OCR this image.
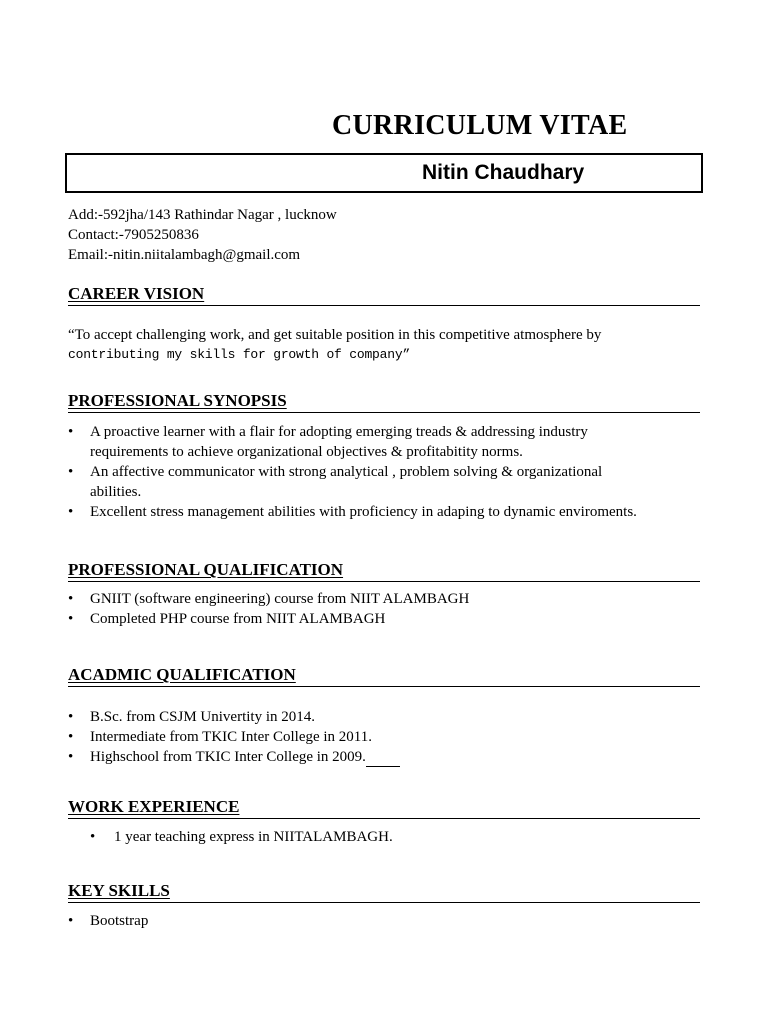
CURRICULUM VITAE
Nitin Chaudhary
Add:-592jha/143 Rathindar Nagar , lucknow
Contact:-7905250836
Email:-nitin.niitalambagh@gmail.com
CAREER VISION
“To accept challenging work, and get suitable position in this competitive atmosphere by
contributing my skills for growth of company”
PROFESSIONAL SYNOPSIS
• A proactive learner with a flair for adopting emerging treads & addressing industry requirements to achieve organizational objectives & profitabitity norms.
• An affective communicator with strong analytical , problem solving & organizational abilities.
• Excellent stress management abilities with proficiency in adaping to dynamic enviroments.
PROFESSIONAL QUALIFICATION
• GNIIT (software engineering) course from NIIT ALAMBAGH
• Completed PHP course from NIIT ALAMBAGH
ACADMIC QUALIFICATION
• B.Sc. from CSJM Univertity in 2014.
• Intermediate from TKIC Inter College in 2011.
• Highschool from TKIC Inter College in 2009.
WORK EXPERIENCE
• 1 year teaching express in NIITALAMBAGH.
KEY SKILLS
• Bootstrap
